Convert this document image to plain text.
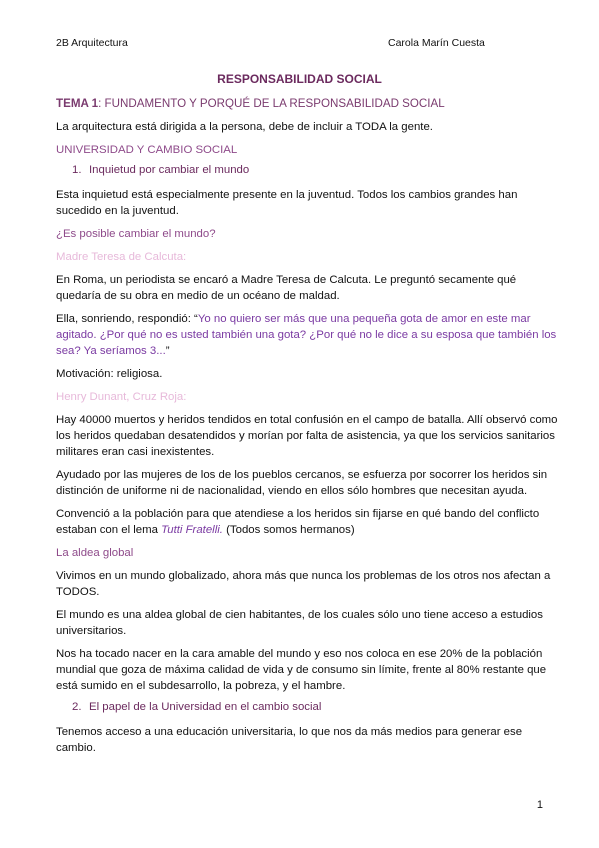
2B Arquitectura	Carola Marín Cuesta
RESPONSABILIDAD SOCIAL
TEMA 1: FUNDAMENTO Y PORQUÉ DE LA RESPONSABILIDAD SOCIAL
La arquitectura está dirigida a la persona, debe de incluir a TODA la gente.
UNIVERSIDAD Y CAMBIO SOCIAL
1. Inquietud por cambiar el mundo
Esta inquietud está especialmente presente en la juventud. Todos los cambios grandes han
sucedido en la juventud.
¿Es posible cambiar el mundo?
Madre Teresa de Calcuta:
En Roma, un periodista se encaró a Madre Teresa de Calcuta. Le preguntó secamente qué
quedaría de su obra en medio de un océano de maldad.
Ella, sonriendo, respondió: “Yo no quiero ser más que una pequeña gota de amor en este mar
agitado. ¿Por qué no es usted también una gota? ¿Por qué no le dice a su esposa que también los
sea? Ya seríamos 3...”
Motivación: religiosa.
Henry Dunant, Cruz Roja:
Hay 40000 muertos y heridos tendidos en total confusión en el campo de batalla. Allí observó como
los heridos quedaban desatendidos y morían por falta de asistencia, ya que los servicios sanitarios
militares eran casi inexistentes.
Ayudado por las mujeres de los de los pueblos cercanos, se esfuerza por socorrer los heridos sin
distinción de uniforme ni de nacionalidad, viendo en ellos sólo hombres que necesitan ayuda.
Convenció a la población para que atendiese a los heridos sin fijarse en qué bando del conflicto
estaban con el lema Tutti Fratelli. (Todos somos hermanos)
La aldea global
Vivimos en un mundo globalizado, ahora más que nunca los problemas de los otros nos afectan a
TODOS.
El mundo es una aldea global de cien habitantes, de los cuales sólo uno tiene acceso a estudios
universitarios.
Nos ha tocado nacer en la cara amable del mundo y eso nos coloca en ese 20% de la población
mundial que goza de máxima calidad de vida y de consumo sin límite, frente al 80% restante que
está sumido en el subdesarrollo, la pobreza, y el hambre.
2. El papel de la Universidad en el cambio social
Tenemos acceso a una educación universitaria, lo que nos da más medios para generar ese
cambio.
1
